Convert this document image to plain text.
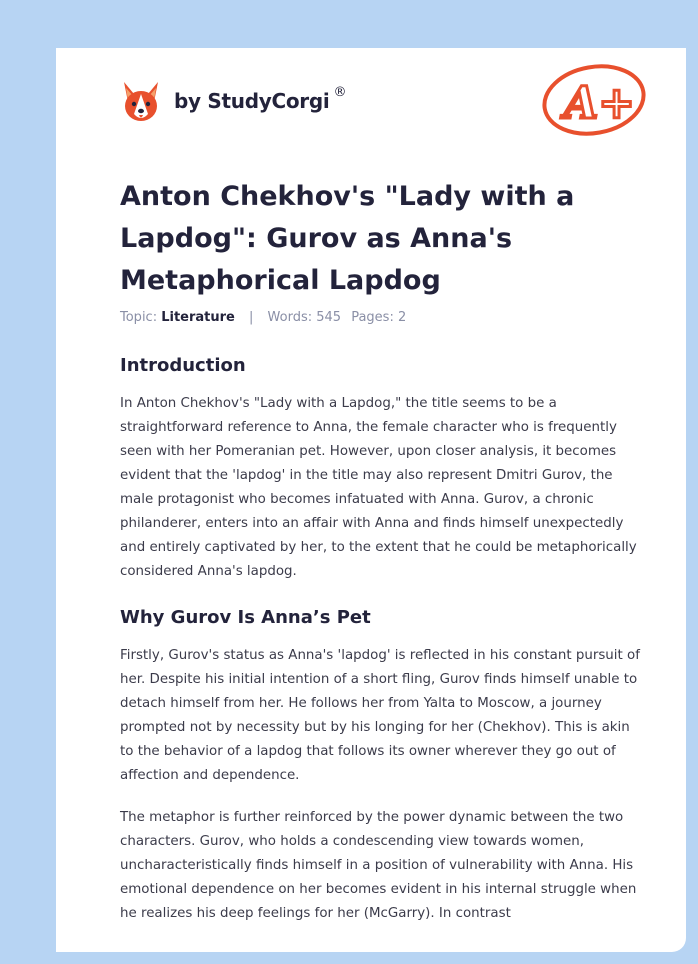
by StudyCorgi ®	A+
Anton Chekhov's "Lady with a Lapdog": Gurov as Anna's Metaphorical Lapdog
Topic: Literature | Words: 545 Pages: 2
Introduction

In Anton Chekhov's "Lady with a Lapdog," the title seems to be a straightforward reference to Anna, the female character who is frequently seen with her Pomeranian pet. However, upon closer analysis, it becomes evident that the 'lapdog' in the title may also represent Dmitri Gurov, the male protagonist who becomes infatuated with Anna. Gurov, a chronic philanderer, enters into an affair with Anna and finds himself unexpectedly and entirely captivated by her, to the extent that he could be metaphorically considered Anna's lapdog.

Why Gurov Is Anna’s Pet

Firstly, Gurov's status as Anna's 'lapdog' is reflected in his constant pursuit of her. Despite his initial intention of a short fling, Gurov finds himself unable to detach himself from her. He follows her from Yalta to Moscow, a journey prompted not by necessity but by his longing for her (Chekhov). This is akin to the behavior of a lapdog that follows its owner wherever they go out of affection and dependence.

The metaphor is further reinforced by the power dynamic between the two characters. Gurov, who holds a condescending view towards women, uncharacteristically finds himself in a position of vulnerability with Anna. His emotional dependence on her becomes evident in his internal struggle when he realizes his deep feelings for her (McGarry). In contrast
